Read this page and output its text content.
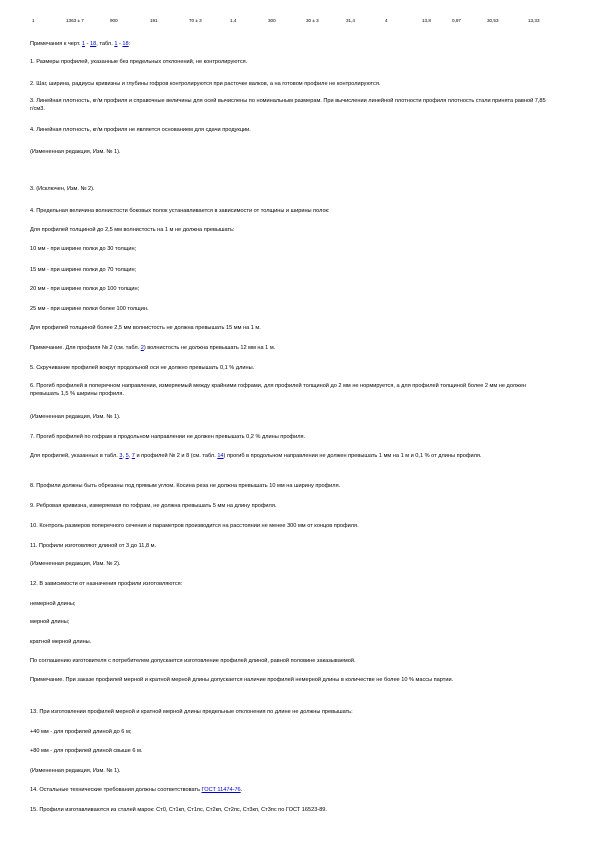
1	1363 ± 7	900	191	70 ± 3	1,4	300	30 ± 3	31,4	4	13,8	0,97	30,53	13,33

Примечания к черт. 1 - 18, табл. 1 - 18:

1. Размеры профилей, указанные без предельных отклонений, не контролируются.

2. Шаг, ширина, радиусы кривизны и глубины гофров контролируются при расточке валков, а на готовом профиле не контролируются.

3. Линейная плотность, кг/м профиля и справочные величины для осей вычислены по номинальным размерам. При вычислении линейной плотности профиля плотность стали принята равной 7,85 г/см3.

4. Линейная плотность, кг/м профиля не является основанием для сдачи продукции.

(Измененная редакция, Изм. № 1).

3. (Исключен, Изм. № 2).

4. Предельная величина волнистости боковых полок устанавливается в зависимости от толщины и ширины полок:

Для профилей толщиной до 2,5 мм волнистость на 1 м не должна превышать:

10 мм - при ширине полки до 30 толщин;

15 мм - при ширине полки до 70 толщин;

20 мм - при ширине полки до 100 толщин;

25 мм - при ширине полки более 100 толщин.

Для профилей толщиной более 2,5 мм волнистость не должна превышать 15 мм на 1 м.

Примечание. Для профиля № 2 (см. табл. 2) волнистость не должна превышать 12 мм на 1 м.

5. Скручивание профилей вокруг продольной оси не должно превышать 0,1 % длины.

6. Прогиб профилей в поперечном направлении, измеряемый между крайними гофрами, для профилей толщиной до 2 мм не нормируется, а для профилей толщиной более 2 мм не должен превышать 1,5 % ширины профиля.

(Измененная редакция, Изм. № 1).

7. Прогиб профилей по гофрам в продольном направлении не должен превышать 0,2 % длины профиля.

Для профилей, указанных в табл. 3, 5, 7 и профилей № 2 и 8 (см. табл. 14) прогиб в продольном направлении не должен превышать 1 мм на 1 м и 0,1 % от длины профиля.

8. Профили должны быть обрезаны под прямым углом. Косина реза не должна превышать 10 мм на ширину профиля.

9. Ребровая кривизна, измеряемая по гофрам, не должна превышать 5 мм на длину профиля.

10. Контроль размеров поперечного сечения и параметров производится на расстоянии не менее 300 мм от концов профиля.

11. Профили изготовляют длиной от 3 до 11,8 м.

(Измененная редакция, Изм. № 2).

12. В зависимости от назначения профили изготовляются:

немерной длины;

мерной длины;

кратной мерной длины.

По соглашению изготовителя с потребителем допускается изготовление профилей длиной, равной половине заказываемой.

Примечание. При заказе профилей мерной и кратной мерной длины допускается наличие профилей немерной длины в количестве не более 10 % массы партии.

13. При изготовлении профилей мерной и кратной мерной длины предельные отклонения по длине не должны превышать:

+40 мм - для профилей длиной до 6 м;

+80 мм - для профилей длиной свыше 6 м.

(Измененная редакция, Изм. № 1).

14. Остальные технические требования должны соответствовать ГОСТ 11474-76.

15. Профили изготавливаются из сталей марок: Ст0, Ст1кп, Ст1пс, Ст2кп, Ст2пс, Ст3кп, Ст3пс по ГОСТ 16523-89.
